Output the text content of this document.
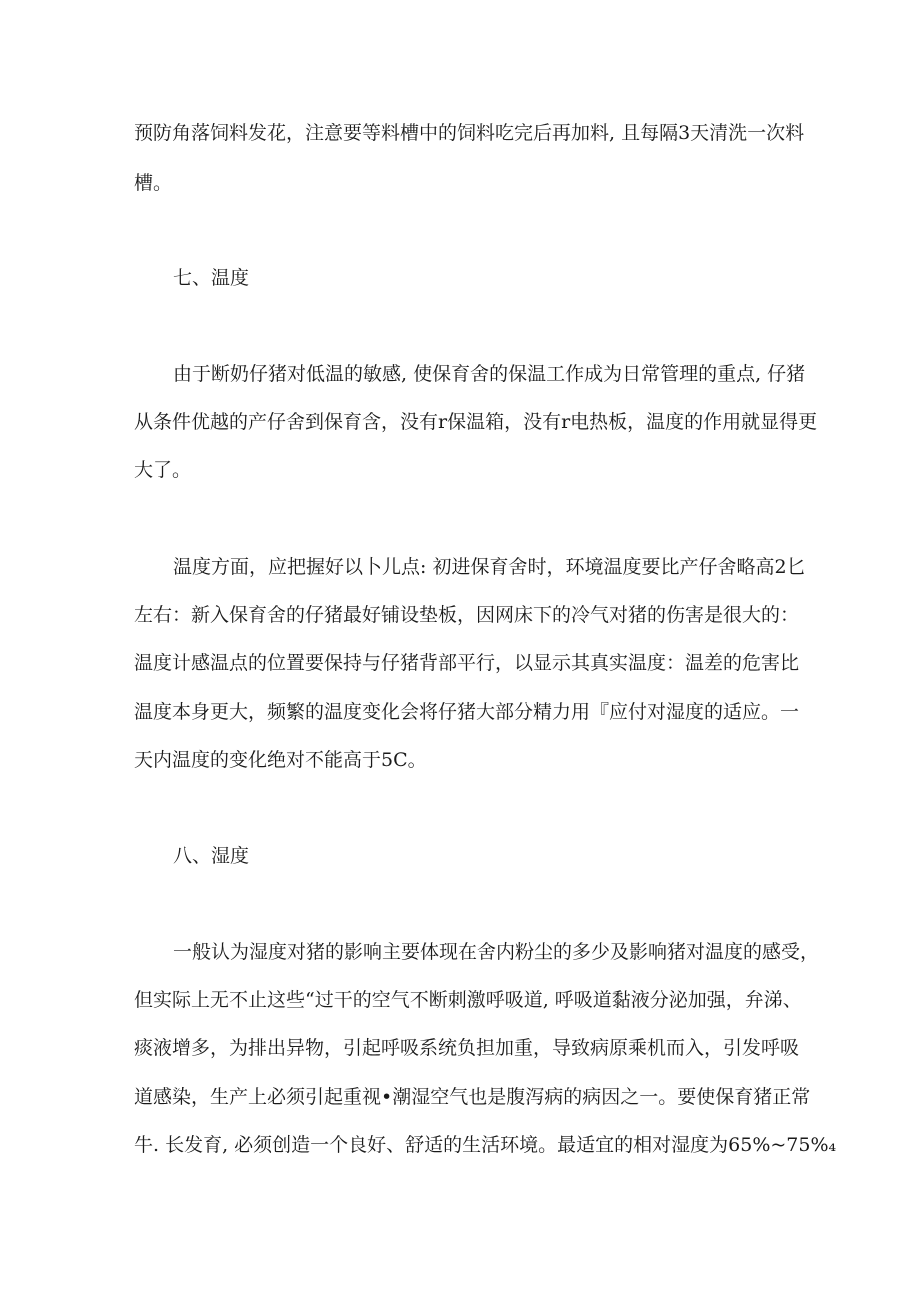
预防角落饲料发花，注意要等料槽中的饲料吃完后再加料, 且每隔3天清洗一次料
槽。
七、温度
由于断奶仔猪对低温的敏感, 使保育舍的保温工作成为日常管理的重点, 仔猪
从条件优越的产仔舍到保育含，没有r保温箱，没有r电热板，温度的作用就显得更
大了。
温度方面，应把握好以卜儿点: 初进保育舍时，环境温度要比产仔舍略高2匕
左右：新入保育舍的仔猪最好铺设垫板，因网床下的冷气对猪的伤害是很大的：
温度计感温点的位置要保持与仔猪背部平行，以显示其真实温度：温差的危害比
温度本身更大，频繁的温度变化会将仔猪大部分精力用『应付对湿度的适应。一
天内温度的变化绝对不能高于5C。
八、湿度
一般认为湿度对猪的影响主要体现在舍内粉尘的多少及影响猪对温度的感受，
但实际上无不止这些“过干的空气不断刺激呼吸道, 呼吸道黏液分泌加强，弁涕、
痰液增多，为排出异物，引起呼吸系统负担加重，导致病原乘机而入，引发呼吸
道感染，生产上必须引起重视•潮湿空气也是腹泻病的病因之一。要使保育猪正常
牛. 长发育, 必须创造一个良好、舒适的生活环境。最适宜的相对湿度为65%~75%₄
